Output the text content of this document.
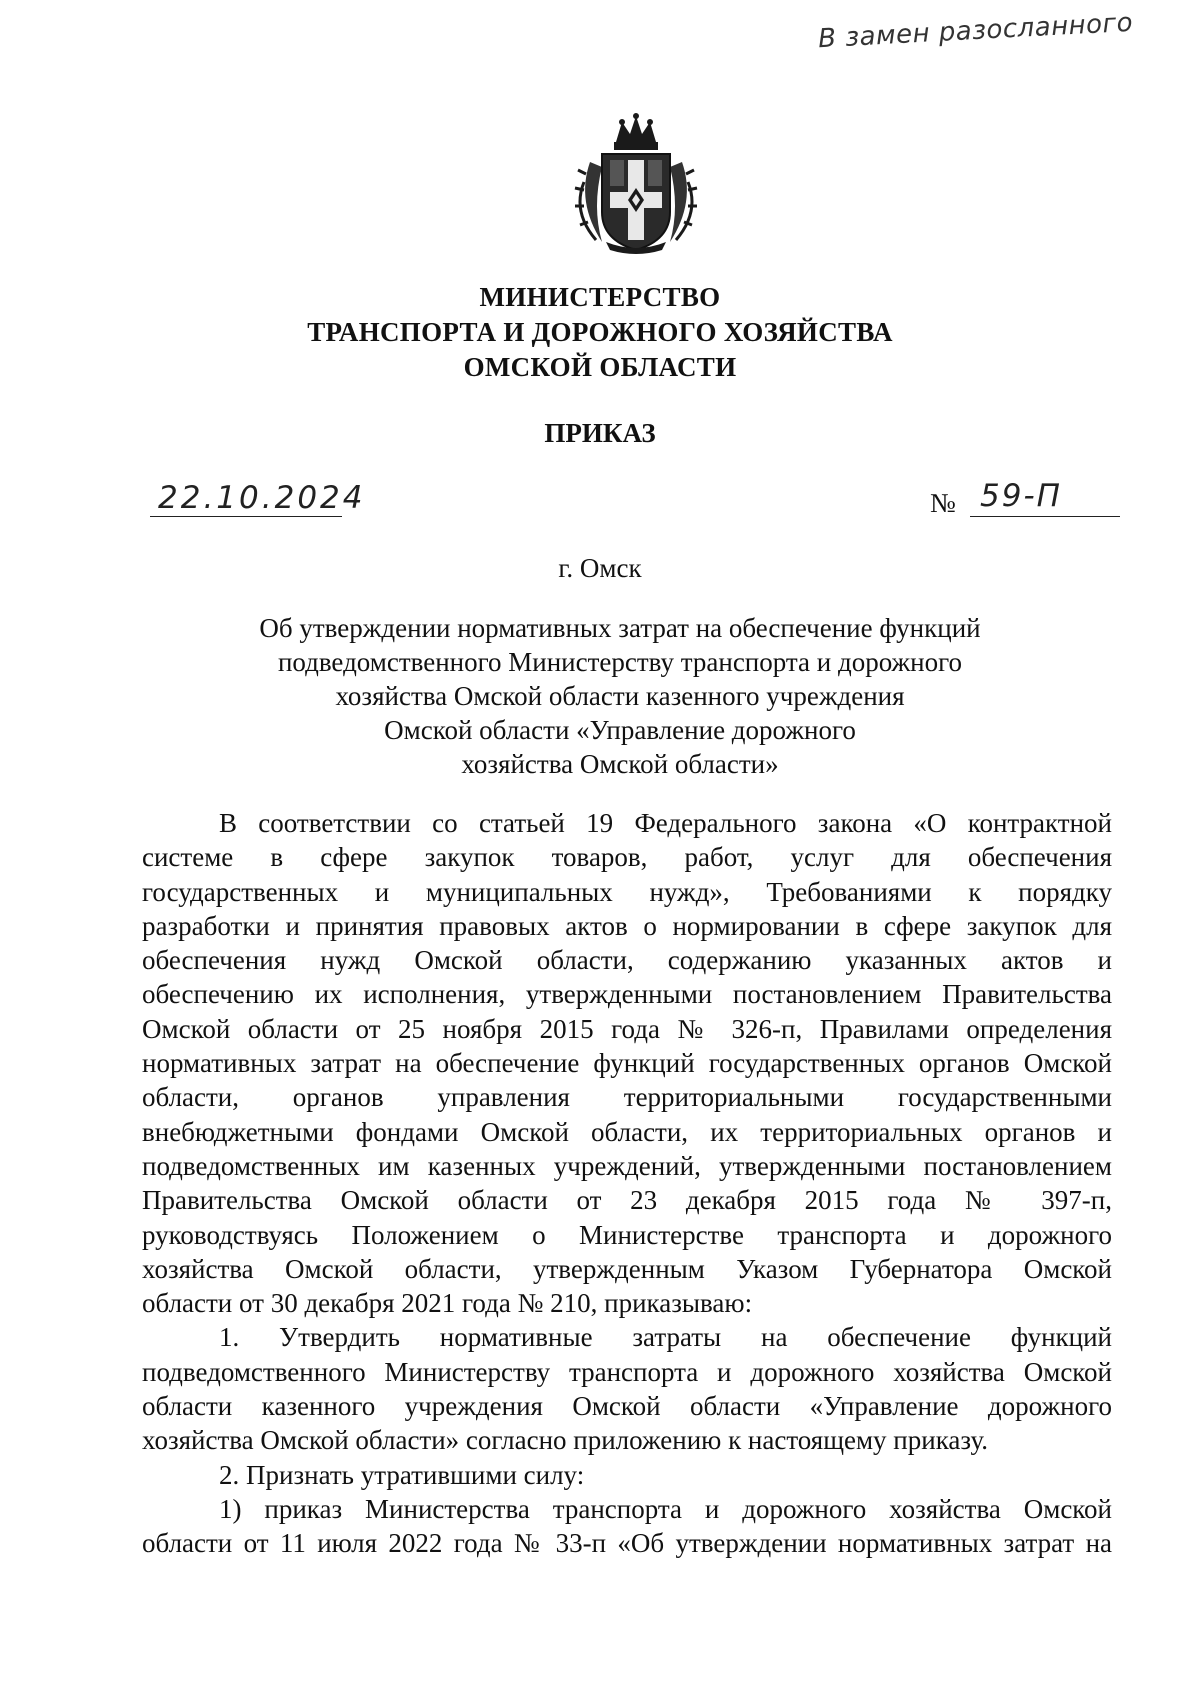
В замен разосланного
МИНИСТЕРСТВО
ТРАНСПОРТА И ДОРОЖНОГО ХОЗЯЙСТВА
ОМСКОЙ ОБЛАСТИ
ПРИКАЗ
22.10.2024	№ 59-П
г. Омск
Об утверждении нормативных затрат на обеспечение функций
подведомственного Министерству транспорта и дорожного
хозяйства Омской области казенного учреждения
Омской области «Управление дорожного
хозяйства Омской области»
В соответствии со статьей 19 Федерального закона «О контрактной
системе в сфере закупок товаров, работ, услуг для обеспечения
государственных и муниципальных нужд», Требованиями к порядку
разработки и принятия правовых актов о нормировании в сфере закупок для
обеспечения нужд Омской области, содержанию указанных актов и
обеспечению их исполнения, утвержденными постановлением Правительства
Омской области от 25 ноября 2015 года № 326-п, Правилами определения
нормативных затрат на обеспечение функций государственных органов Омской
области, органов управления территориальными государственными
внебюджетными фондами Омской области, их территориальных органов и
подведомственных им казенных учреждений, утвержденными постановлением
Правительства Омской области от 23 декабря 2015 года № 397-п,
руководствуясь Положением о Министерстве транспорта и дорожного
хозяйства Омской области, утвержденным Указом Губернатора Омской
области от 30 декабря 2021 года № 210, приказываю:
1. Утвердить нормативные затраты на обеспечение функций
подведомственного Министерству транспорта и дорожного хозяйства Омской
области казенного учреждения Омской области «Управление дорожного
хозяйства Омской области» согласно приложению к настоящему приказу.
2. Признать утратившими силу:
1) приказ Министерства транспорта и дорожного хозяйства Омской
области от 11 июля 2022 года № 33-п «Об утверждении нормативных затрат на
